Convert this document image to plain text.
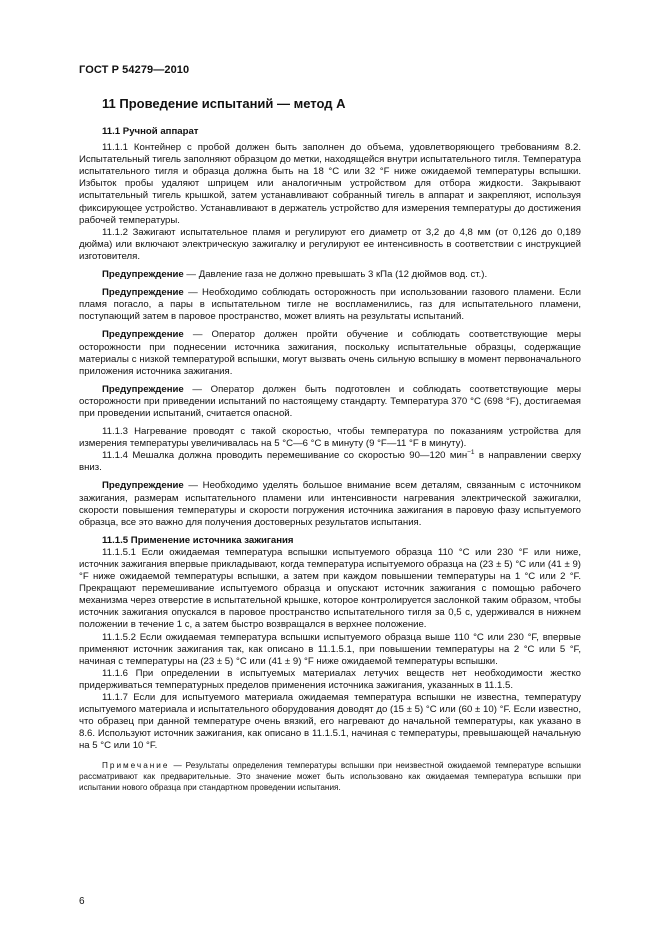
ГОСТ Р 54279—2010
11 Проведение испытаний — метод A

11.1 Ручной аппарат

11.1.1 Контейнер с пробой должен быть заполнен до объема, удовлетворяющего требованиям 8.2. Испытательный тигель заполняют образцом до метки, находящейся внутри испытательного тигля. Температура испытательного тигля и образца должна быть на 18 °С или 32 °F ниже ожидаемой температуры вспышки. Избыток пробы удаляют шприцем или аналогичным устройством для отбора жидкости. Закрывают испытательный тигель крышкой, затем устанавливают собранный тигель в аппарат и закрепляют, используя фиксирующее устройство. Устанавливают в держатель устройство для измерения температуры до достижения рабочей температуры.

11.1.2 Зажигают испытательное пламя и регулируют его диаметр от 3,2 до 4,8 мм (от 0,126 до 0,189 дюйма) или включают электрическую зажигалку и регулируют ее интенсивность в соответствии с инструкцией изготовителя.

Предупреждение — Давление газа не должно превышать 3 кПа (12 дюймов вод. ст.).

Предупреждение — Необходимо соблюдать осторожность при использовании газового пламени. Если пламя погасло, а пары в испытательном тигле не воспламенились, газ для испытательного пламени, поступающий затем в паровое пространство, может влиять на результаты испытаний.

Предупреждение — Оператор должен пройти обучение и соблюдать соответствующие меры осторожности при поднесении источника зажигания, поскольку испытательные образцы, содержащие материалы с низкой температурой вспышки, могут вызвать очень сильную вспышку в момент первоначального приложения источника зажигания.

Предупреждение — Оператор должен быть подготовлен и соблюдать соответствующие меры осторожности при приведении испытаний по настоящему стандарту. Температура 370 °С (698 °F), достигаемая при проведении испытаний, считается опасной.

11.1.3 Нагревание проводят с такой скоростью, чтобы температура по показаниям устройства для измерения температуры увеличивалась на 5 °С—6 °С в минуту (9 °F—11 °F в минуту).

11.1.4 Мешалка должна проводить перемешивание со скоростью 90—120 мин$^{-1}$ в направлении сверху вниз.

Предупреждение — Необходимо уделять большое внимание всем деталям, связанным с источником зажигания, размерам испытательного пламени или интенсивности нагревания электрической зажигалки, скорости повышения температуры и скорости погружения источника зажигания в паровую фазу испытуемого образца, все это важно для получения достоверных результатов испытания.

11.1.5 Применение источника зажигания

11.1.5.1 Если ожидаемая температура вспышки испытуемого образца 110 °С или 230 °F или ниже, источник зажигания впервые прикладывают, когда температура испытуемого образца на (23 ± 5) °С или (41 ± 9) °F ниже ожидаемой температуры вспышки, а затем при каждом повышении температуры на 1 °С или 2 °F. Прекращают перемешивание испытуемого образца и опускают источник зажигания с помощью рабочего механизма через отверстие в испытательной крышке, которое контролируется заслонкой таким образом, чтобы источник зажигания опускался в паровое пространство испытательного тигля за 0,5 с, удерживался в нижнем положении в течение 1 с, а затем быстро возвращался в верхнее положение.

11.1.5.2 Если ожидаемая температура вспышки испытуемого образца выше 110 °С или 230 °F, впервые применяют источник зажигания так, как описано в 11.1.5.1, при повышении температуры на 2 °С или 5 °F, начиная с температуры на (23 ± 5) °С или (41 ± 9) °F ниже ожидаемой температуры вспышки.

11.1.6 При определении в испытуемых материалах летучих веществ нет необходимости жестко придерживаться температурных пределов применения источника зажигания, указанных в 11.1.5.

11.1.7 Если для испытуемого материала ожидаемая температура вспышки не известна, температуру испытуемого материала и испытательного оборудования доводят до (15 ± 5) °С или (60 ± 10) °F. Если известно, что образец при данной температуре очень вязкий, его нагревают до начальной температуры, как указано в 8.6. Используют источник зажигания, как описано в 11.1.5.1, начиная с температуры, превышающей начальную на 5 °С или 10 °F.

Примечание — Результаты определения температуры вспышки при неизвестной ожидаемой температуре вспышки рассматривают как предварительные. Это значение может быть использовано как ожидаемая температура вспышки при испытании нового образца при стандартном проведении испытания.

6
